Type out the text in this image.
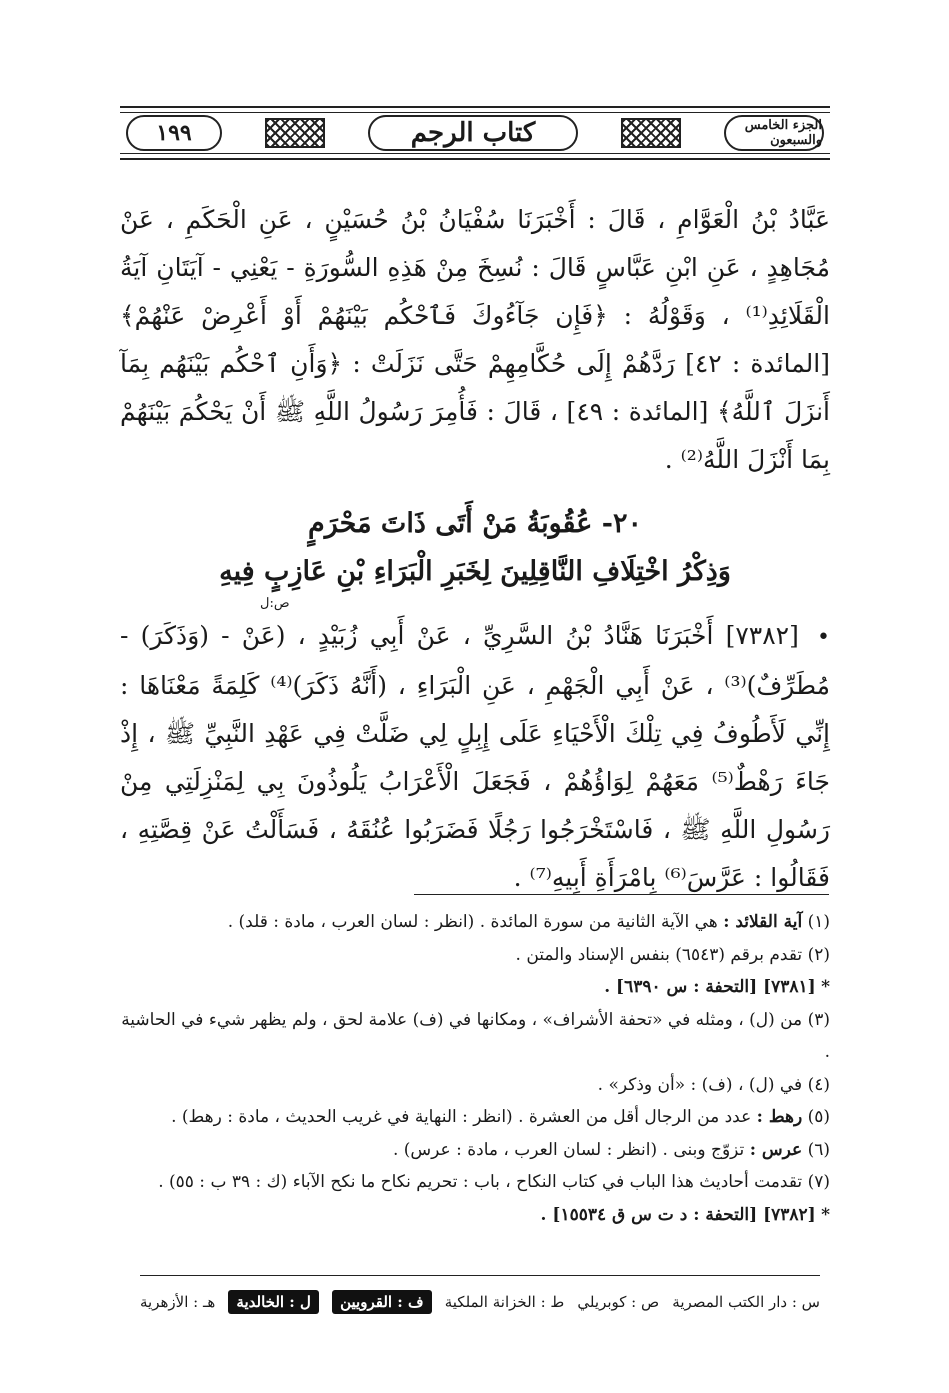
الجزء الخامس والسبعون
كتاب الرجم
١٩٩
عَبَّادُ بْنُ الْعَوَّامِ ، قَالَ : أَخْبَرَنَا سُفْيَانُ بْنُ حُسَيْنٍ ، عَنِ الْحَكَمِ ، عَنْ مُجَاهِدٍ ، عَنِ ابْنِ عَبَّاسٍ قَالَ : نُسِخَ مِنْ هَذِهِ السُّورَةِ - يَعْنِي - آيَتَانِ آيَةُ الْقَلَائِدِ⁽¹⁾ ، وَقَوْلُهُ : ﴿فَإِن جَآءُوكَ فَٱحْكُم بَيْنَهُمْ أَوْ أَعْرِضْ عَنْهُمْ﴾ [المائدة : ٤٢] رَدَّهُمْ إِلَى حُكَّامِهِمْ حَتَّى نَزَلَتْ : ﴿وَأَنِ ٱحْكُم بَيْنَهُم بِمَآ أَنزَلَ ٱللَّهُ﴾ [المائدة : ٤٩] ، قَالَ : فَأُمِرَ رَسُولُ اللَّهِ ﷺ أَنْ يَحْكُمَ بَيْنَهُمْ بِمَا أَنْزَلَ اللَّهُ⁽²⁾ .
٢٠- عُقُوبَةُ مَنْ أَتَى ذَاتَ مَحْرَمٍ
وَذِكْرُ اخْتِلَافِ النَّاقِلِينَ لِخَبَرِ الْبَرَاءِ بْنِ عَازِبٍ فِيهِ
ص:ل
• [٧٣٨٢] أَخْبَرَنَا هَنَّادُ بْنُ السَّرِيِّ ، عَنْ أَبِي زُبَيْدٍ ، (عَنْ - (وَذَكَرَ) - مُطَرِّفٌ)⁽³⁾ ، عَنْ أَبِي الْجَهْمِ ، عَنِ الْبَرَاءِ ، (أَنَّهُ ذَكَرَ)⁽⁴⁾ كَلِمَةً مَعْنَاهَا : إِنِّي لَأَطُوفُ فِي تِلْكَ الْأَحْيَاءِ عَلَى إِبِلٍ لِي ضَلَّتْ فِي عَهْدِ النَّبِيِّ ﷺ ، إِذْ جَاءَ رَهْطٌ⁽⁵⁾ مَعَهُمْ لِوَاؤُهُمْ ، فَجَعَلَ الْأَعْرَابُ يَلُوذُونَ بِي لِمَنْزِلَتِي مِنْ رَسُولِ اللَّهِ ﷺ ، فَاسْتَخْرَجُوا رَجُلًا فَضَرَبُوا عُنُقَهُ ، فَسَأَلْتُ عَنْ قِصَّتِهِ ، فَقَالُوا : عَرَّسَ⁽⁶⁾ بِامْرَأَةِ أَبِيهِ⁽⁷⁾ .

(١) آية القلائد : هي الآية الثانية من سورة المائدة . (انظر : لسان العرب ، مادة : قلد) .

(٢) تقدم برقم (٦٥٤٣) بنفس الإسناد والمتن .

* [٧٣٨١] [التحفة : س ٦٣٩٠] .

(٣) من (ل) ، ومثله في «تحفة الأشراف» ، ومكانها في (ف) علامة لحق ، ولم يظهر شيء في الحاشية .

(٤) في (ل) ، (ف) : «أن وذكر» .

(٥) رهط : عدد من الرجال أقل من العشرة . (انظر : النهاية في غريب الحديث ، مادة : رهط) .

(٦) عرس : تزوّج وبنى . (انظر : لسان العرب ، مادة : عرس) .

(٧) تقدمت أحاديث هذا الباب في كتاب النكاح ، باب : تحريم نكاح ما نكح الآباء (ك : ٣٩ ب : ٥٥) .

* [٧٣٨٢] [التحفة : د ت س ق ١٥٥٣٤] .

س : دار الكتب المصرية
ص : كوبريلي
ط : الخزانة الملكية
ف : القرويين
ل : الخالدية
هـ : الأزهرية
